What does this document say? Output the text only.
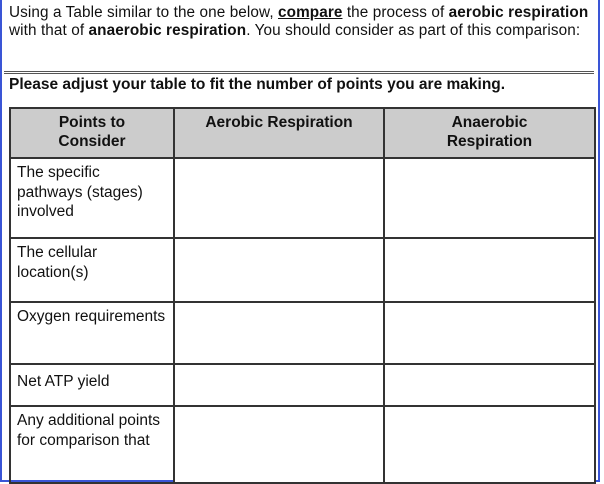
Using a Table similar to the one below, compare the process of aerobic respiration with that of anaerobic respiration. You should consider as part of this comparison:
Please adjust your table to fit the number of points you are making.
Points to Consider	Aerobic Respiration	Anaerobic Respiration
The specific pathways (stages) involved		
The cellular location(s)		
Oxygen requirements		
Net ATP yield		
Any additional points for comparison that		
